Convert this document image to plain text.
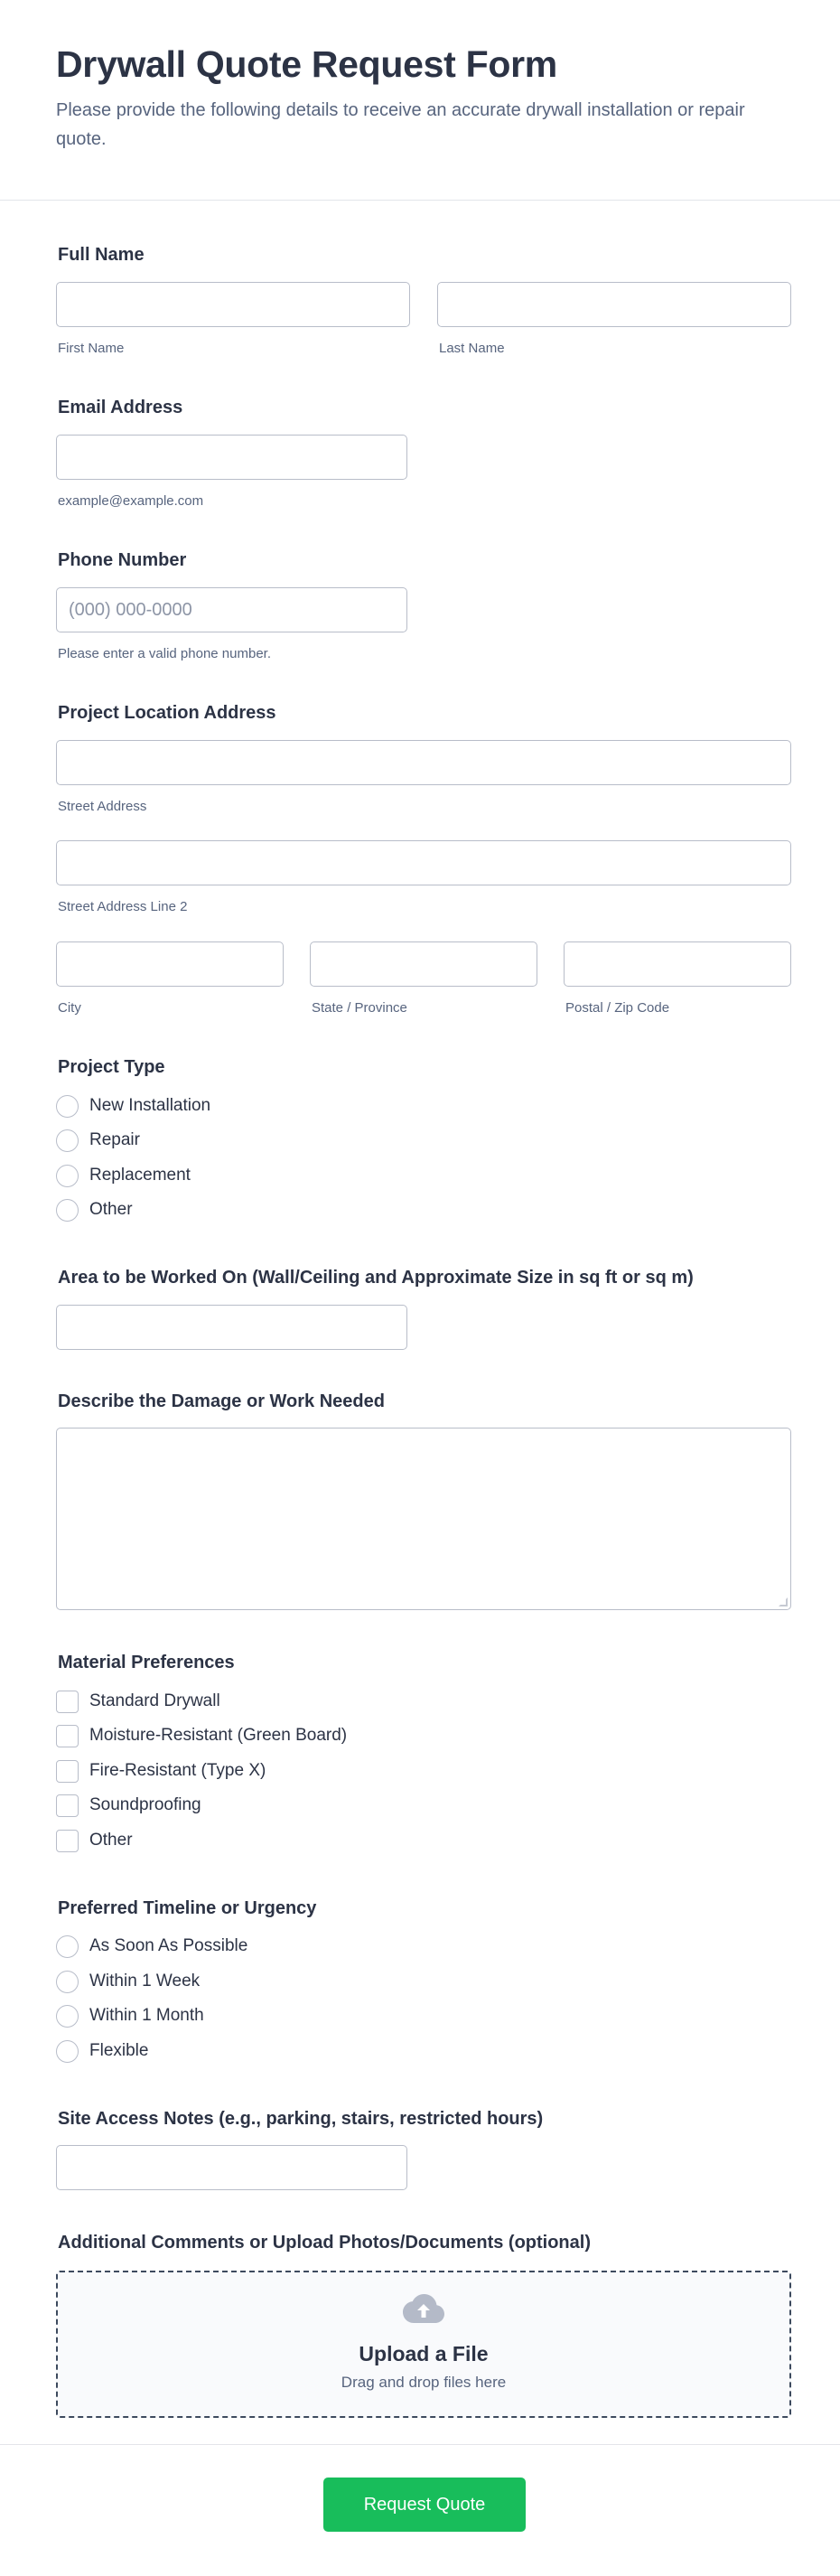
Drywall Quote Request Form

Please provide the following details to receive an accurate drywall installation or repair quote.

Full Name
First Name	Last Name
Email Address
example@example.com
Phone Number
(000) 000-0000
Please enter a valid phone number.
Project Location Address
Street Address
Street Address Line 2
City	State / Province	Postal / Zip Code
Project Type
New Installation
Repair
Replacement
Other
Area to be Worked On (Wall/Ceiling and Approximate Size in sq ft or sq m)
Describe the Damage or Work Needed
Material Preferences
Standard Drywall
Moisture-Resistant (Green Board)
Fire-Resistant (Type X)
Soundproofing
Other
Preferred Timeline or Urgency
As Soon As Possible
Within 1 Week
Within 1 Month
Flexible
Site Access Notes (e.g., parking, stairs, restricted hours)
Additional Comments or Upload Photos/Documents (optional)
Upload a File
Drag and drop files here
Request Quote
